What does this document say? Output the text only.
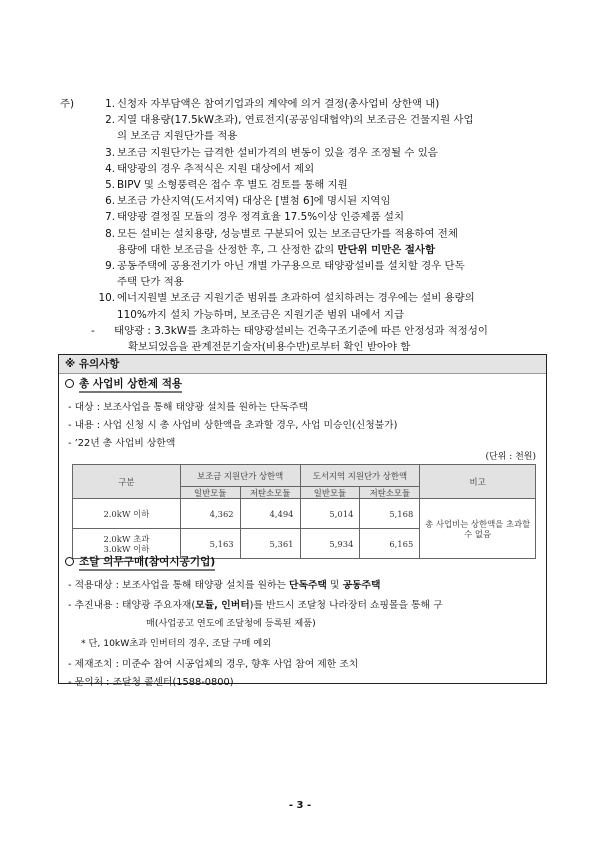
주)	1. 신청자 자부담액은 참여기업과의 계약에 의거 결정(총사업비 상한액 내)
2. 지열 대용량(17.5kW초과), 연료전지(공공임대협약)의 보조금은 건물지원 사업
의 보조금 지원단가를 적용
3. 보조금 지원단가는 급격한 설비가격의 변동이 있을 경우 조정될 수 있음
4. 태양광의 경우 추적식은 지원 대상에서 제외
5. BIPV 및 소형풍력은 접수 후 별도 검토를 통해 지원
6. 보조금 가산지역(도서지역) 대상은 [별첨 6]에 명시된 지역임
7. 태양광 결정질 모듈의 경우 정격효율 17.5%이상 인증제품 설치
8. 모든 설비는 설치용량, 성능별로 구분되어 있는 보조금단가를 적용하여 전체
용량에 대한 보조금을 산정한 후, 그 산정한 값의 만단위 미만은 절사함
9. 공동주택에 공용전기가 아닌 개별 가구용으로 태양광설비를 설치할 경우 단독
주택 단가 적용
10. 에너지원별 보조금 지원기준 범위를 초과하여 설치하려는 경우에는 설비 용량의
110%까지 설치 가능하며, 보조금은 지원기준 범위 내에서 지급
-	태양광 : 3.3kW를 초과하는 태양광설비는 건축구조기준에 따른 안정성과 적정성이
확보되었음을 관계전문기술자(비용수반)로부터 확인 받아야 함
※ 유의사항
총 사업비 상한제 적용
- 대상 : 보조사업을 통해 태양광 설치를 원하는 단독주택
- 내용 : 사업 신청 시 총 사업비 상한액을 초과할 경우, 사업 미승인(신청불가)
- ’22년 총 사업비 상한액
(단위 : 천원)
구분	보조금 지원단가 상한액		도서지역 지원단가 상한액		비고
	일반모듈	저탄소모듈	일반모듈	저탄소모듈	
2.0kW 이하	4,362	4,494	5,014	5,168	총 사업비는 상한액을 초과할 수 없음
2.0kW 초과
3.0kW 이하	5,163	5,361	5,934	6,165	
조달 의무구매(참여시공기업)
- 적용대상 : 보조사업을 통해 태양광 설치를 원하는 단독주택 및 공동주택
- 추진내용 : 태양광 주요자재(모듈, 인버터)를 반드시 조달청 나라장터 쇼핑몰을 통해 구
매(사업공고 연도에 조달청에 등록된 제품)
* 단, 10kW초과 인버터의 경우, 조달 구매 예외
- 제재조치 : 미준수 참여 시공업체의 경우, 향후 사업 참여 제한 조치
- 문의처 : 조달청 콜센터(1588-0800)
- 3 -
